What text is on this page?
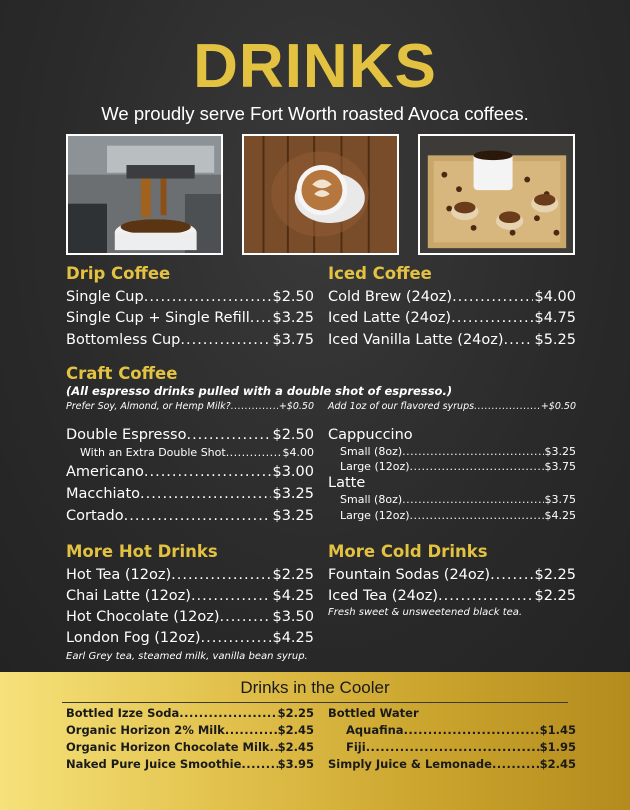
DRINKS
We proudly serve Fort Worth roasted Avoca coffees.
Drip Coffee
Single Cup .....	$2.50
Single Cup + Single Refill ..... $3.25
Bottomless Cup .....	$3.75
Iced Coffee
Cold Brew (24oz) .....	$4.00
Iced Latte (24oz) .....	$4.75
Iced Vanilla Latte (24oz) ..... $5.25
Craft Coffee
(All espresso drinks pulled with a double shot of espresso.)
Prefer Soy, Almond, or Hemp Milk? .....	+$0.50 Add 1oz of our flavored syrups .....	+$0.50
Double Espresso .....	$2.50
With an Extra Double Shot .....	$4.00
Americano .....	$3.00
Macchiato .....	$3.25
Cortado .....	$3.25
Cappuccino
Small (8oz) .....	$3.25
Large (12oz) .....	$3.75
Latte
Small (8oz) .....	$3.75
Large (12oz) .....	$4.25
More Hot Drinks
Hot Tea (12oz) .....	$2.25
Chai Latte (12oz) .....	$4.25
Hot Chocolate (12oz) .....	$3.50
London Fog (12oz) .....	$4.25
Earl Grey tea, steamed milk, vanilla bean syrup.
More Cold Drinks
Fountain Sodas (24oz) .....	$2.25
Iced Tea (24oz) .....	$2.25
Fresh sweet & unsweetened black tea.
Drinks in the Cooler
Bottled Izze Soda .....	$2.25
Organic Horizon 2% Milk .....	$2.45
Organic Horizon Chocolate Milk ..... $2.45
Naked Pure Juice Smoothie .....	$3.95
Bottled Water
Aquafina .....	$1.45
Fiji .....	$1.95
Simply Juice & Lemonade .....	$2.45
